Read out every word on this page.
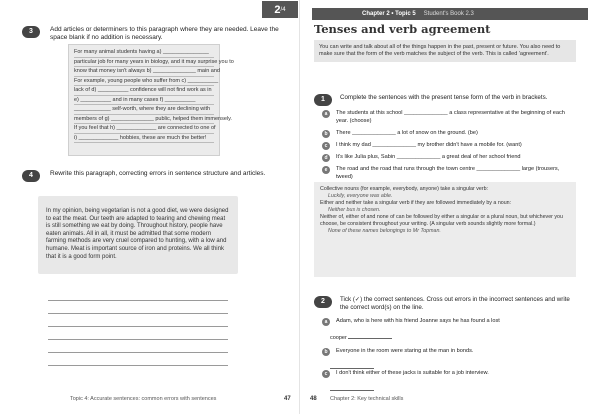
3	Add articles or determiners to this paragraph where they are needed. Leave the space blank if no addition is necessary.
For many animal students having a) _______________
particular job for many years in biology, and it may surprise you to
know that money isn't always b) ______________ main and
For example, young people who suffer from c) __________
lack of d) __________ confidence will not find work as in
e) __________ and in many cases f) __________
____________ self-worth, where they are declining with
members of g) ______________ public, helped them immensely.
If you feel that h) _____________ are connected to one of
i) _____________ hobbies, these are much the better!
4	Rewrite this paragraph, correcting errors in sentence structure and articles.

In my opinion, being vegetarian is not a good diet, we were designed to eat the meat. Our teeth are adapted to tearing and chewing meat is still something we eat by doing. Throughout history, people have eaten animals. All in all, it must be admitted that some modern farming methods are very cruel compared to hunting, with a low and humane. Meat is important source of iron and proteins. We all think that it is a good form point.

Topic 4: Accurate sentences: common errors with sentences	47
Chapter 2 • Topic 5 Student's Book 2.3
Tenses and verb agreement
You can write and talk about all of the things happen in the past, present or future. You also need to make sure that the form of the verb matches the subject of the verb. This is called 'agreement'.
1	Complete the sentences with the present tense form of the verb in brackets.
a	The students at this school ______________ a class representative at the beginning of each year. (choose)
b	There ______________ a lot of snow on the ground. (be)
c	I think my dad ______________ my brother didn't have a mobile for. (want)
d	It's like Julia plus, Sabin ______________ a great deal of her school friend
e	The road and the road that runs through the town centre ______________ large (trousers, tweed)
Collective nouns (for example, everybody, anyone) take a singular verb:
Luckily, everyone was able.
Either and neither take a singular verb if they are followed immediately by a noun:
Neither bus is chosen.
Neither of, either of and none of can be followed by either a singular or a plural noun, but whichever you choose, be consistent throughout your writing. (A singular verb sounds slightly more formal.)
None of these names belongings to Mr Topman.
2	Tick (✓) the correct sentences. Cross out errors in the incorrect sentences and write the correct word(s) on the line.
a	Adam, who is here with his friend Joanne says he has found a lost
cooper
b	Everyone in the room were staring at the man in bonds.
c	I don't think either of these jacks is suitable for a job interview.
48 Chapter 2: Key technical skills
2 /4
